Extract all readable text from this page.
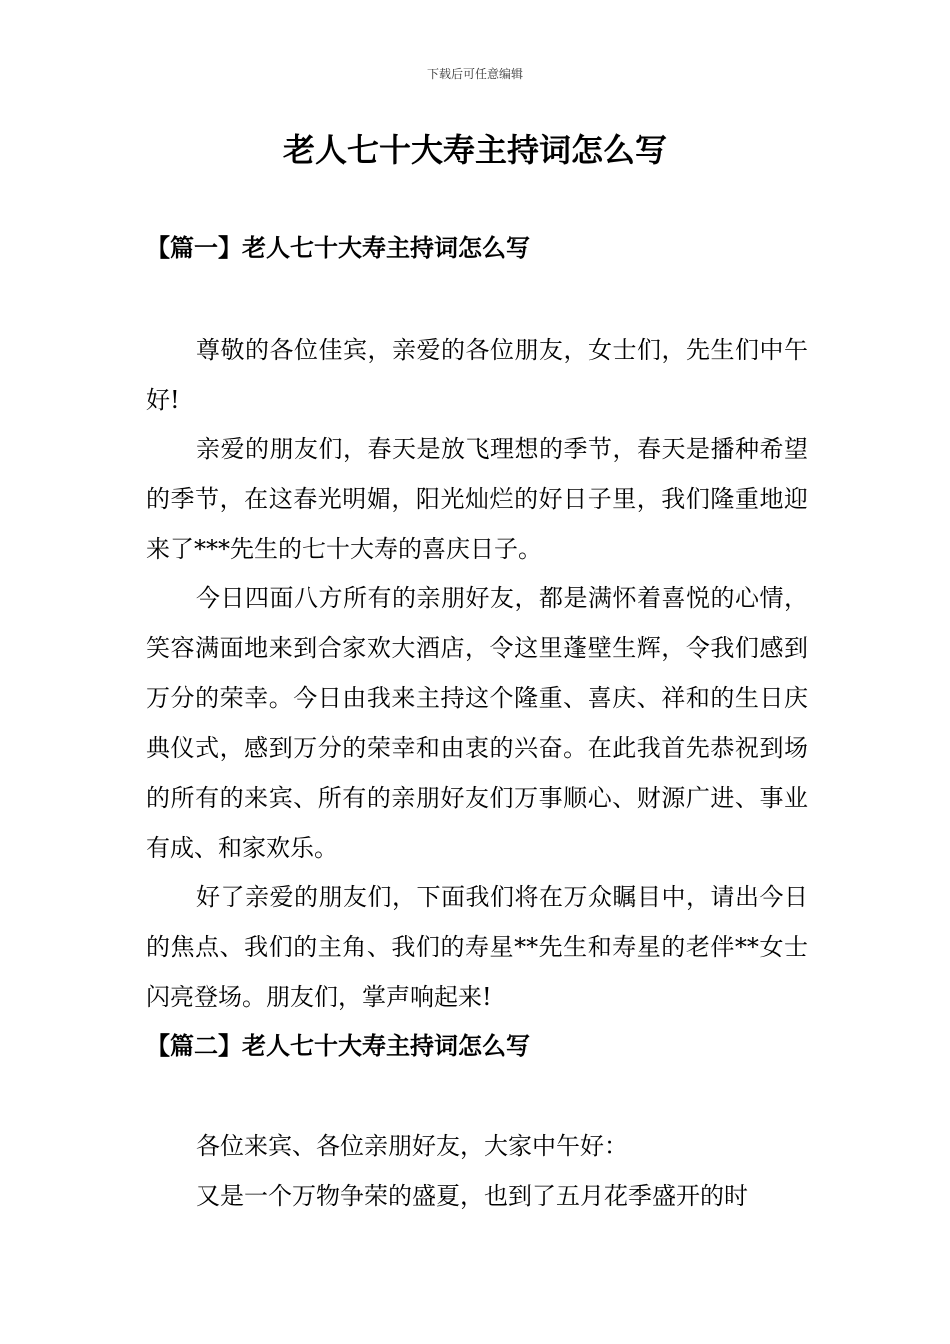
下载后可任意编辑
老人七十大寿主持词怎么写
【篇一】老人七十大寿主持词怎么写

尊敬的各位佳宾，亲爱的各位朋友，女士们，先生们中午好!

亲爱的朋友们，春天是放飞理想的季节，春天是播种希望的季节，在这春光明媚，阳光灿烂的好日子里，我们隆重地迎来了***先生的七十大寿的喜庆日子。

今日四面八方所有的亲朋好友，都是满怀着喜悦的心情，笑容满面地来到合家欢大酒店，令这里蓬壁生辉，令我们感到万分的荣幸。今日由我来主持这个隆重、喜庆、祥和的生日庆典仪式，感到万分的荣幸和由衷的兴奋。在此我首先恭祝到场的所有的来宾、所有的亲朋好友们万事顺心、财源广进、事业有成、和家欢乐。

好了亲爱的朋友们，下面我们将在万众瞩目中，请出今日的焦点、我们的主角、我们的寿星**先生和寿星的老伴**女士闪亮登场。朋友们，掌声响起来!

【篇二】老人七十大寿主持词怎么写

各位来宾、各位亲朋好友，大家中午好：

又是一个万物争荣的盛夏，也到了五月花季盛开的时
